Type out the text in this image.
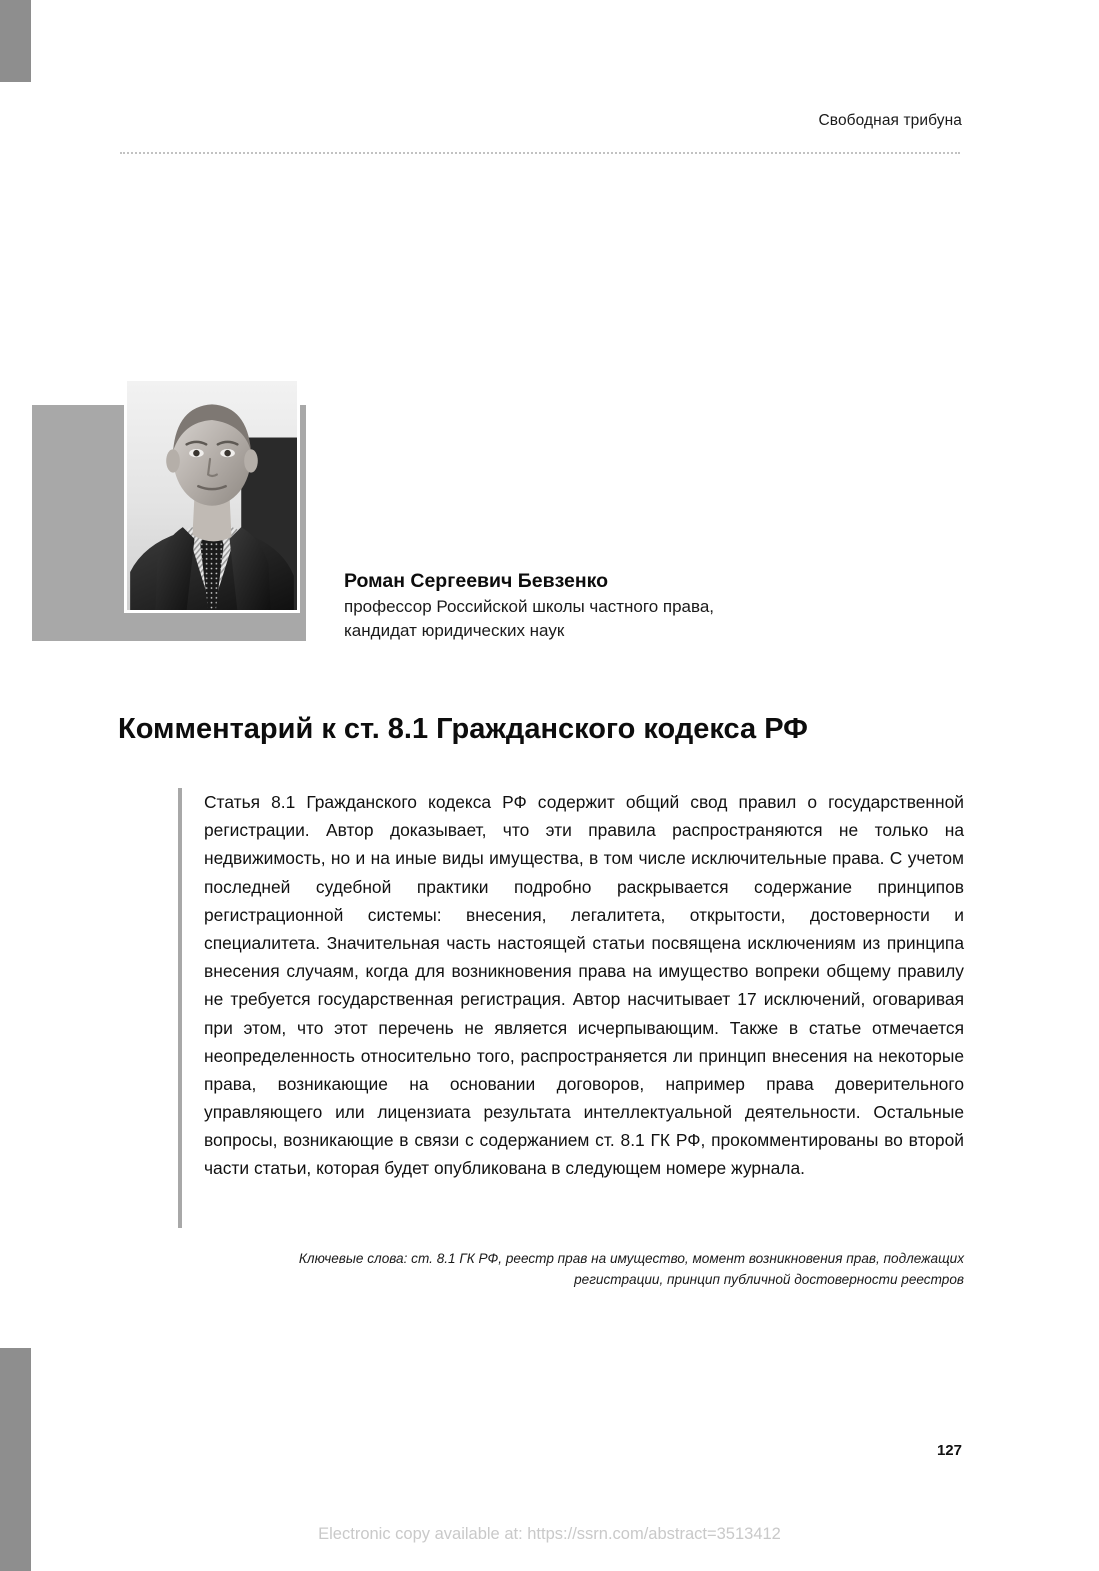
Свободная трибуна

Роман Сергеевич Бевзенко

профессор Российской школы частного права,

кандидат юридических наук

Комментарий к ст. 8.1 Гражданского кодекса РФ

Статья 8.1 Гражданского кодекса РФ содержит общий свод правил о государственной регистрации. Автор доказывает, что эти правила распространяются не только на недвижимость, но и на иные виды имущества, в том числе исключительные права. С учетом последней судебной практики подробно раскрывается содержание принципов регистрационной системы: внесения, легалитета, открытости, достоверности и специалитета. Значительная часть настоящей статьи посвящена исключениям из принципа внесения случаям, когда для возникновения права на имущество вопреки общему правилу не требуется государственная регистрация. Автор насчитывает 17 исключений, оговаривая при этом, что этот перечень не является исчерпывающим. Также в статье отмечается неопределенность относительно того, распространяется ли принцип внесения на некоторые права, возникающие на основании договоров, например права доверительного управляющего или лицензиата результата интеллектуальной деятельности. Остальные вопросы, возникающие в связи с содержанием ст. 8.1 ГК РФ, прокомментированы во второй части статьи, которая будет опубликована в следующем номере журнала.

Ключевые слова: ст. 8.1 ГК РФ, реестр прав на имущество, момент возникновения прав, подлежащих регистрации, принцип публичной достоверности реестров

127
Electronic copy available at: https://ssrn.com/abstract=3513412
